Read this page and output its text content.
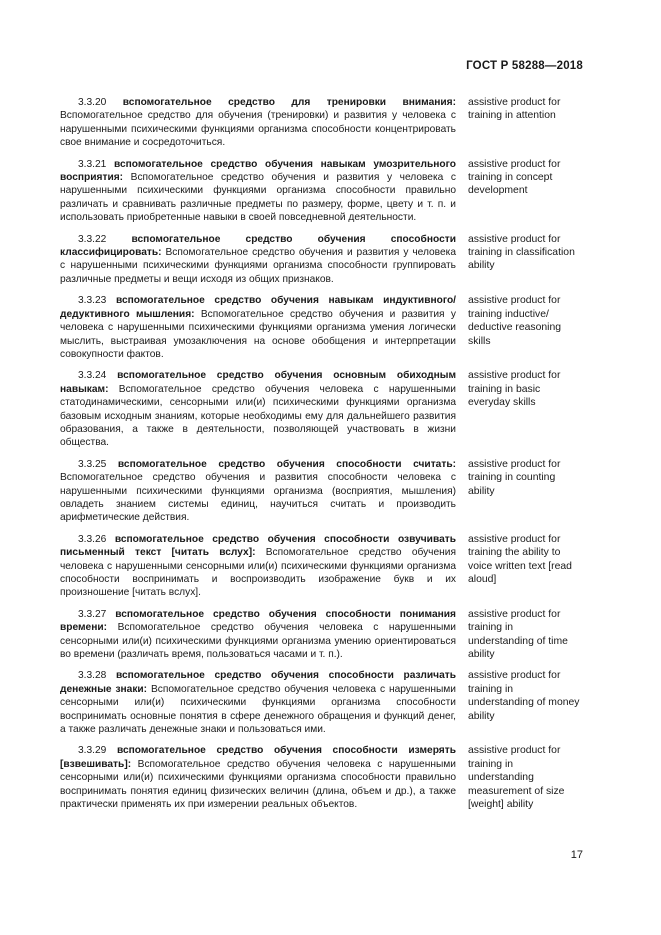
ГОСТ Р 58288—2018
3.3.20 вспомогательное средство для тренировки внимания: Вспомогательное средство для обучения (тренировки) и развития у человека с нарушенными психическими функциями организма способности концентрировать свое внимание и сосредоточиться.
assistive product for training in attention
3.3.21 вспомогательное средство обучения навыкам умозрительного восприятия: Вспомогательное средство обучения и развития у человека с нарушенными психическими функциями организма способности правильно различать и сравнивать различные предметы по размеру, форме, цвету и т. п. и использовать приобретенные навыки в своей повседневной деятельности.
assistive product for training in concept development
3.3.22 вспомогательное средство обучения способности классифицировать: Вспомогательное средство обучения и развития у человека с нарушенными психическими функциями организма способности группировать различные предметы и вещи исходя из общих признаков.
assistive product for training in classification ability
3.3.23 вспомогательное средство обучения навыкам индуктивного/дедуктивного мышления: Вспомогательное средство обучения и развития у человека с нарушенными психическими функциями организма умения логически мыслить, выстраивая умозаключения на основе обобщения и интерпретации совокупности фактов.
assistive product for training inductive/ deductive reasoning skills
3.3.24 вспомогательное средство обучения основным обиходным навыкам: Вспомогательное средство обучения человека с нарушенными статодинамическими, сенсорными или(и) психическими функциями организма базовым исходным знаниям, которые необходимы ему для дальнейшего развития образования, а также в деятельности, позволяющей участвовать в жизни общества.
assistive product for training in basic everyday skills
3.3.25 вспомогательное средство обучения способности считать: Вспомогательное средство обучения и развития способности человека с нарушенными психическими функциями организма (восприятия, мышления) овладеть знанием системы единиц, научиться считать и производить арифметические действия.
assistive product for training in counting ability
3.3.26 вспомогательное средство обучения способности озвучивать письменный текст [читать вслух]: Вспомогательное средство обучения человека с нарушенными сенсорными или(и) психическими функциями организма способности воспринимать и воспроизводить изображение букв и их произношение [читать вслух].
assistive product for training the ability to voice written text [read aloud]
3.3.27 вспомогательное средство обучения способности понимания времени: Вспомогательное средство обучения человека с нарушенными сенсорными или(и) психическими функциями организма умению ориентироваться во времени (различать время, пользоваться часами и т. п.).
assistive product for training in understanding of time ability
3.3.28 вспомогательное средство обучения способности различать денежные знаки: Вспомогательное средство обучения человека с нарушенными сенсорными или(и) психическими функциями организма способности воспринимать основные понятия в сфере денежного обращения и функций денег, а также различать денежные знаки и пользоваться ими.
assistive product for training in understanding of money ability
3.3.29 вспомогательное средство обучения способности измерять [взвешивать]: Вспомогательное средство обучения человека с нарушенными сенсорными или(и) психическими функциями организма способности правильно воспринимать понятия единиц физических величин (длина, объем и др.), а также практически применять их при измерении реальных объектов.
assistive product for training in understanding measurement of size [weight] ability
17
